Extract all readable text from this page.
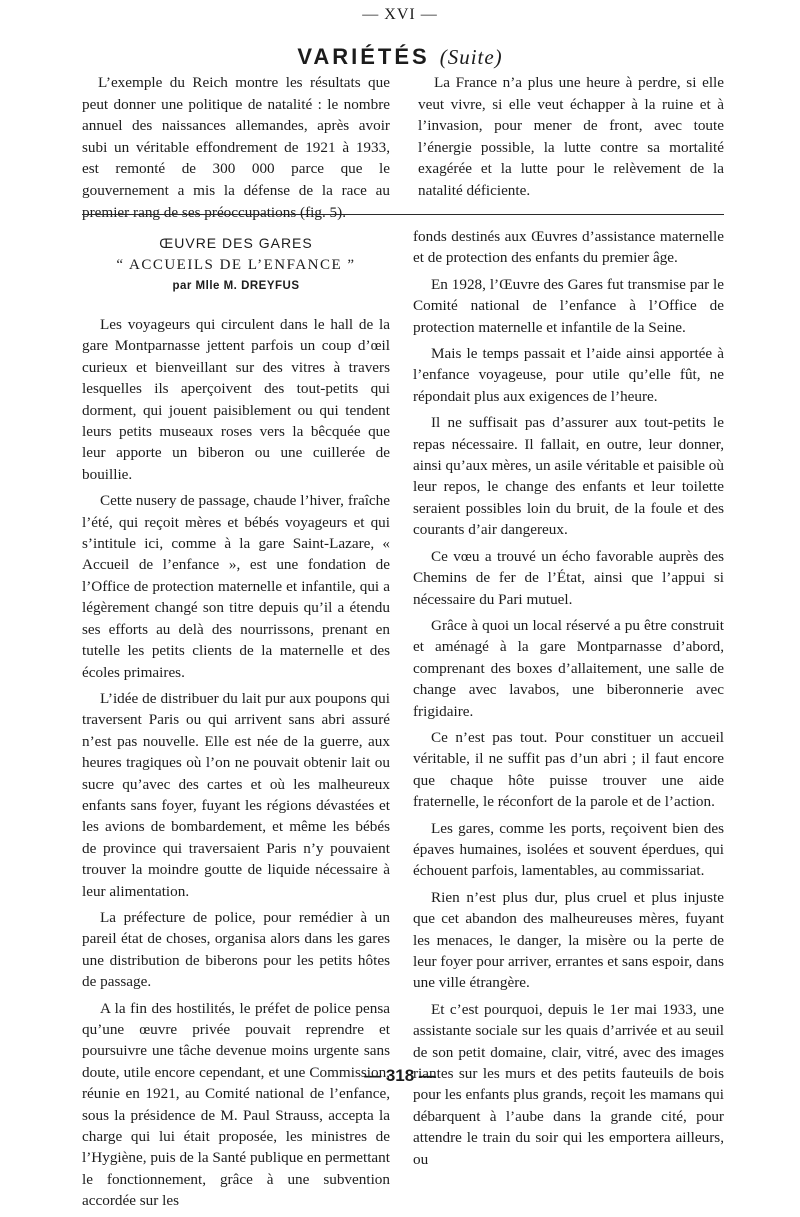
— XVI —
VARIÉTÉS (Suite)

L’exemple du Reich montre les résultats que peut donner une politique de natalité : le nombre annuel des naissances allemandes, après avoir subi un véritable effondrement de 1921 à 1933, est remonté de 300 000 parce que le gouvernement a mis la défense de la race au premier rang de ses préoccupations (fig. 5).

La France n’a plus une heure à perdre, si elle veut vivre, si elle veut échapper à la ruine et à l’invasion, pour mener de front, avec toute l’énergie possible, la lutte contre sa mortalité exagérée et la lutte pour le relèvement de la natalité déficiente.

ŒUVRE DES GARES
“ ACCUEILS DE L’ENFANCE ”
par Mlle M. DREYFUS

Les voyageurs qui circulent dans le hall de la gare Montparnasse jettent parfois un coup d’œil curieux et bienveillant sur des vitres à travers lesquelles ils aperçoivent des tout-petits qui dorment, qui jouent paisiblement ou qui tendent leurs petits museaux roses vers la bêcquée que leur apporte un biberon ou une cuillerée de bouillie.

Cette nusery de passage, chaude l’hiver, fraîche l’été, qui reçoit mères et bébés voyageurs et qui s’intitule ici, comme à la gare Saint-Lazare, « Accueil de l’enfance », est une fondation de l’Office de protection maternelle et infantile, qui a légèrement changé son titre depuis qu’il a étendu ses efforts au delà des nourrissons, prenant en tutelle les petits clients de la maternelle et des écoles primaires.

L’idée de distribuer du lait pur aux poupons qui traversent Paris ou qui arrivent sans abri assuré n’est pas nouvelle. Elle est née de la guerre, aux heures tragiques où l’on ne pouvait obtenir lait ou sucre qu’avec des cartes et où les malheureux enfants sans foyer, fuyant les régions dévastées et les avions de bombardement, et même les bébés de province qui traversaient Paris n’y pouvaient trouver la moindre goutte de liquide nécessaire à leur alimentation.

La préfecture de police, pour remédier à un pareil état de choses, organisa alors dans les gares une distribution de biberons pour les petits hôtes de passage.

A la fin des hostilités, le préfet de police pensa qu’une œuvre privée pouvait reprendre et poursuivre une tâche devenue moins urgente sans doute, utile encore cependant, et une Commission, réunie en 1921, au Comité national de l’enfance, sous la présidence de M. Paul Strauss, accepta la charge qui lui était proposée, les ministres de l’Hygiène, puis de la Santé publique en permettant le fonctionnement, grâce à une subvention accordée sur les

fonds destinés aux Œuvres d’assistance maternelle et de protection des enfants du premier âge.

En 1928, l’Œuvre des Gares fut transmise par le Comité national de l’enfance à l’Office de protection maternelle et infantile de la Seine.

Mais le temps passait et l’aide ainsi apportée à l’enfance voyageuse, pour utile qu’elle fût, ne répondait plus aux exigences de l’heure.

Il ne suffisait pas d’assurer aux tout-petits le repas nécessaire. Il fallait, en outre, leur donner, ainsi qu’aux mères, un asile véritable et paisible où leur repos, le change des enfants et leur toilette seraient possibles loin du bruit, de la foule et des courants d’air dangereux.

Ce vœu a trouvé un écho favorable auprès des Chemins de fer de l’État, ainsi que l’appui si nécessaire du Pari mutuel.

Grâce à quoi un local réservé a pu être construit et aménagé à la gare Montparnasse d’abord, comprenant des boxes d’allaitement, une salle de change avec lavabos, une biberonnerie avec frigidaire.

Ce n’est pas tout. Pour constituer un accueil véritable, il ne suffit pas d’un abri ; il faut encore que chaque hôte puisse trouver une aide fraternelle, le réconfort de la parole et de l’action.

Les gares, comme les ports, reçoivent bien des épaves humaines, isolées et souvent éperdues, qui échouent parfois, lamentables, au commissariat.

Rien n’est plus dur, plus cruel et plus injuste que cet abandon des malheureuses mères, fuyant les menaces, le danger, la misère ou la perte de leur foyer pour arriver, errantes et sans espoir, dans une ville étrangère.

Et c’est pourquoi, depuis le 1er mai 1933, une assistante sociale sur les quais d’arrivée et au seuil de son petit domaine, clair, vitré, avec des images riantes sur les murs et des petits fauteuils de bois pour les enfants plus grands, reçoit les mamans qui débarquent à l’aube dans la grande cité, pour attendre le train du soir qui les emportera ailleurs, ou

— 318 —
